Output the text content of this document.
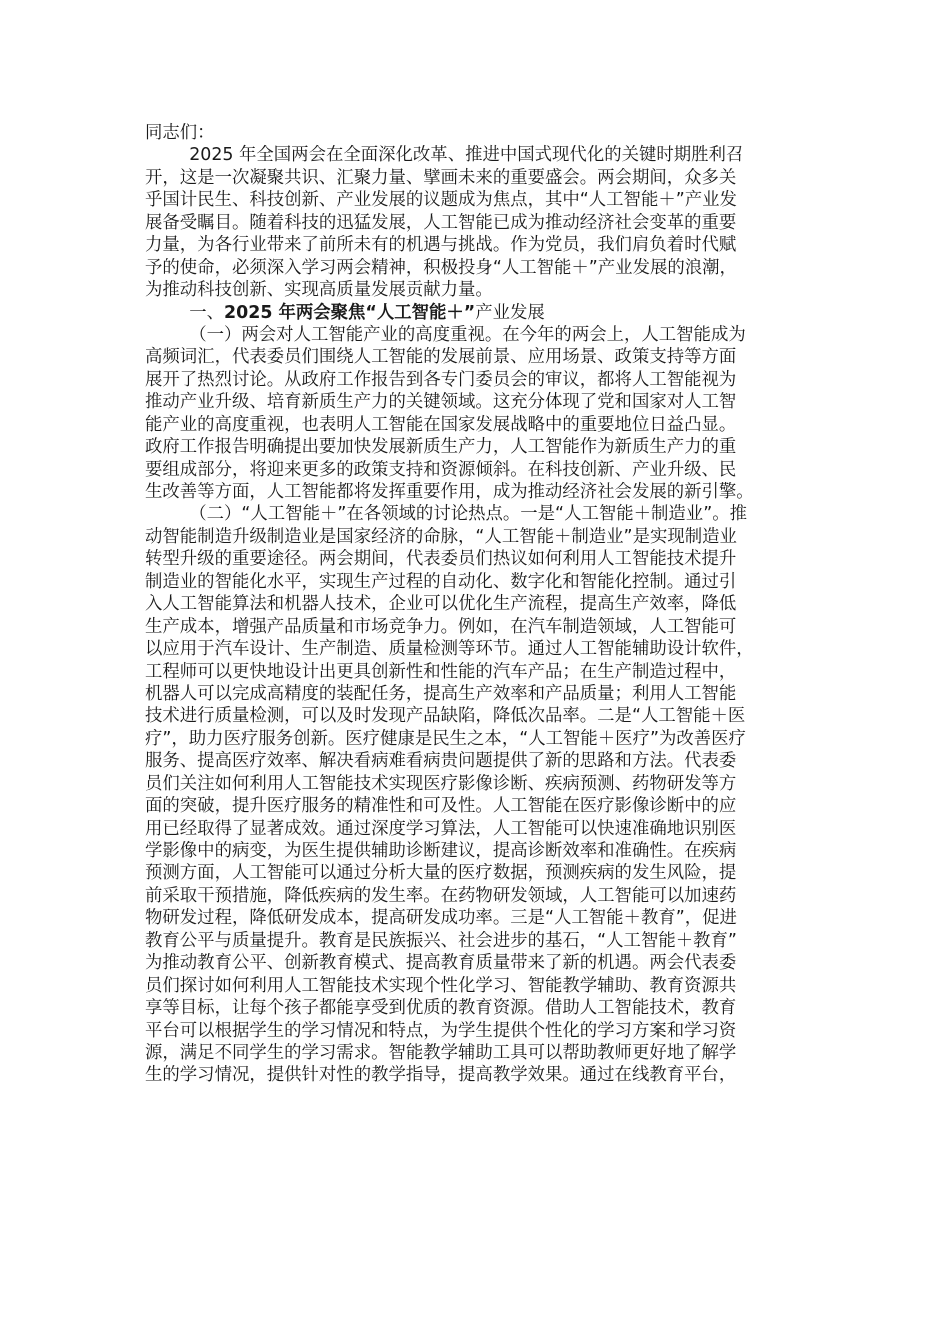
同志们：
2025 年全国两会在全面深化改革、推进中国式现代化的关键时期胜利召
开，这是一次凝聚共识、汇聚力量、擘画未来的重要盛会。两会期间，众多关
乎国计民生、科技创新、产业发展的议题成为焦点，其中“人工智能＋”产业发
展备受瞩目。随着科技的迅猛发展，人工智能已成为推动经济社会变革的重要
力量，为各行业带来了前所未有的机遇与挑战。作为党员，我们肩负着时代赋
予的使命，必须深入学习两会精神，积极投身“人工智能＋”产业发展的浪潮，
为推动科技创新、实现高质量发展贡献力量。
一、2025 年两会聚焦“人工智能＋”产业发展
（一）两会对人工智能产业的高度重视。在今年的两会上，人工智能成为
高频词汇，代表委员们围绕人工智能的发展前景、应用场景、政策支持等方面
展开了热烈讨论。从政府工作报告到各专门委员会的审议，都将人工智能视为
推动产业升级、培育新质生产力的关键领域。这充分体现了党和国家对人工智
能产业的高度重视，也表明人工智能在国家发展战略中的重要地位日益凸显。
政府工作报告明确提出要加快发展新质生产力，人工智能作为新质生产力的重
要组成部分，将迎来更多的政策支持和资源倾斜。在科技创新、产业升级、民
生改善等方面，人工智能都将发挥重要作用，成为推动经济社会发展的新引擎。
（二）“人工智能＋”在各领域的讨论热点。一是“人工智能＋制造业”。推
动智能制造升级制造业是国家经济的命脉，“人工智能＋制造业”是实现制造业
转型升级的重要途径。两会期间，代表委员们热议如何利用人工智能技术提升
制造业的智能化水平，实现生产过程的自动化、数字化和智能化控制。通过引
入人工智能算法和机器人技术，企业可以优化生产流程，提高生产效率，降低
生产成本，增强产品质量和市场竞争力。例如，在汽车制造领域，人工智能可
以应用于汽车设计、生产制造、质量检测等环节。通过人工智能辅助设计软件，
工程师可以更快地设计出更具创新性和性能的汽车产品；在生产制造过程中，
机器人可以完成高精度的装配任务，提高生产效率和产品质量；利用人工智能
技术进行质量检测，可以及时发现产品缺陷，降低次品率。二是“人工智能＋医
疗”，助力医疗服务创新。医疗健康是民生之本，“人工智能＋医疗”为改善医疗
服务、提高医疗效率、解决看病难看病贵问题提供了新的思路和方法。代表委
员们关注如何利用人工智能技术实现医疗影像诊断、疾病预测、药物研发等方
面的突破，提升医疗服务的精准性和可及性。人工智能在医疗影像诊断中的应
用已经取得了显著成效。通过深度学习算法，人工智能可以快速准确地识别医
学影像中的病变，为医生提供辅助诊断建议，提高诊断效率和准确性。在疾病
预测方面，人工智能可以通过分析大量的医疗数据，预测疾病的发生风险，提
前采取干预措施，降低疾病的发生率。在药物研发领域，人工智能可以加速药
物研发过程，降低研发成本，提高研发成功率。三是“人工智能＋教育”，促进
教育公平与质量提升。教育是民族振兴、社会进步的基石，“人工智能＋教育”
为推动教育公平、创新教育模式、提高教育质量带来了新的机遇。两会代表委
员们探讨如何利用人工智能技术实现个性化学习、智能教学辅助、教育资源共
享等目标，让每个孩子都能享受到优质的教育资源。借助人工智能技术，教育
平台可以根据学生的学习情况和特点，为学生提供个性化的学习方案和学习资
源，满足不同学生的学习需求。智能教学辅助工具可以帮助教师更好地了解学
生的学习情况，提供针对性的教学指导，提高教学效果。通过在线教育平台，
